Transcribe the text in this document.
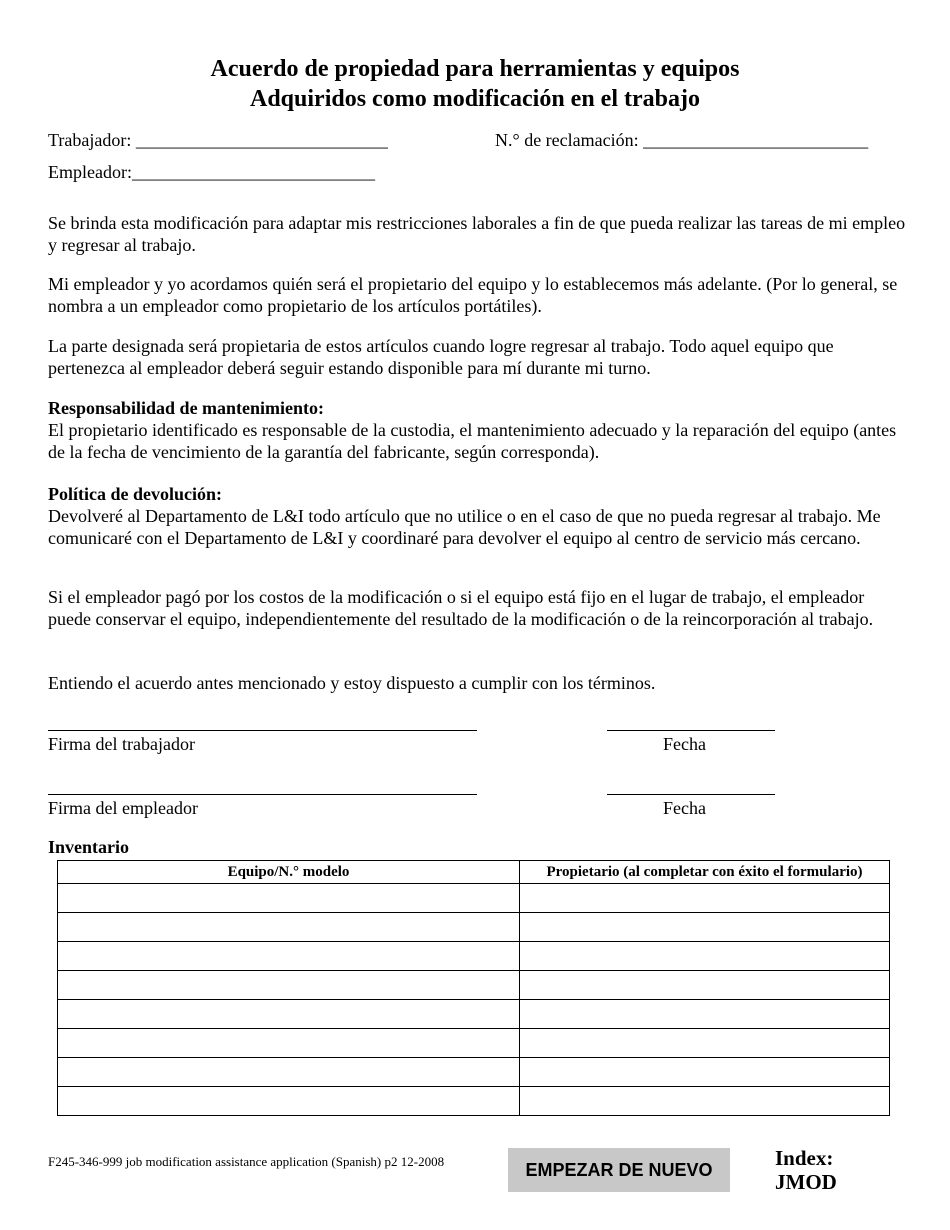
Acuerdo de propiedad para herramientas y equipos
Adquiridos como modificación en el trabajo
Trabajador: ____________________________	N.° de reclamación: _________________________
Empleador:___________________________

Se brinda esta modificación para adaptar mis restricciones laborales a fin de que pueda realizar las tareas de mi empleo y regresar al trabajo.

Mi empleador y yo acordamos quién será el propietario del equipo y lo establecemos más adelante. (Por lo general, se nombra a un empleador como propietario de los artículos portátiles).

La parte designada será propietaria de estos artículos cuando logre regresar al trabajo. Todo aquel equipo que pertenezca al empleador deberá seguir estando disponible para mí durante mi turno.

Responsabilidad de mantenimiento:
El propietario identificado es responsable de la custodia, el mantenimiento adecuado y la reparación del equipo (antes de la fecha de vencimiento de la garantía del fabricante, según corresponda).
Política de devolución:
Devolveré al Departamento de L&I todo artículo que no utilice o en el caso de que no pueda regresar al trabajo. Me comunicaré con el Departamento de L&I y coordinaré para devolver el equipo al centro de servicio más cercano.

Si el empleador pagó por los costos de la modificación o si el equipo está fijo en el lugar de trabajo, el empleador puede conservar el equipo, independientemente del resultado de la modificación o de la reincorporación al trabajo.

Entiendo el acuerdo antes mencionado y estoy dispuesto a cumplir con los términos.

Firma del trabajador	Fecha
Firma del empleador	Fecha
Inventario
Equipo/N.° modelo	Propietario (al completar con éxito el formulario)

F245-346-999 job modification assistance application (Spanish) p2 12-2008	EMPEZAR DE NUEVO	Index:
JMOD
